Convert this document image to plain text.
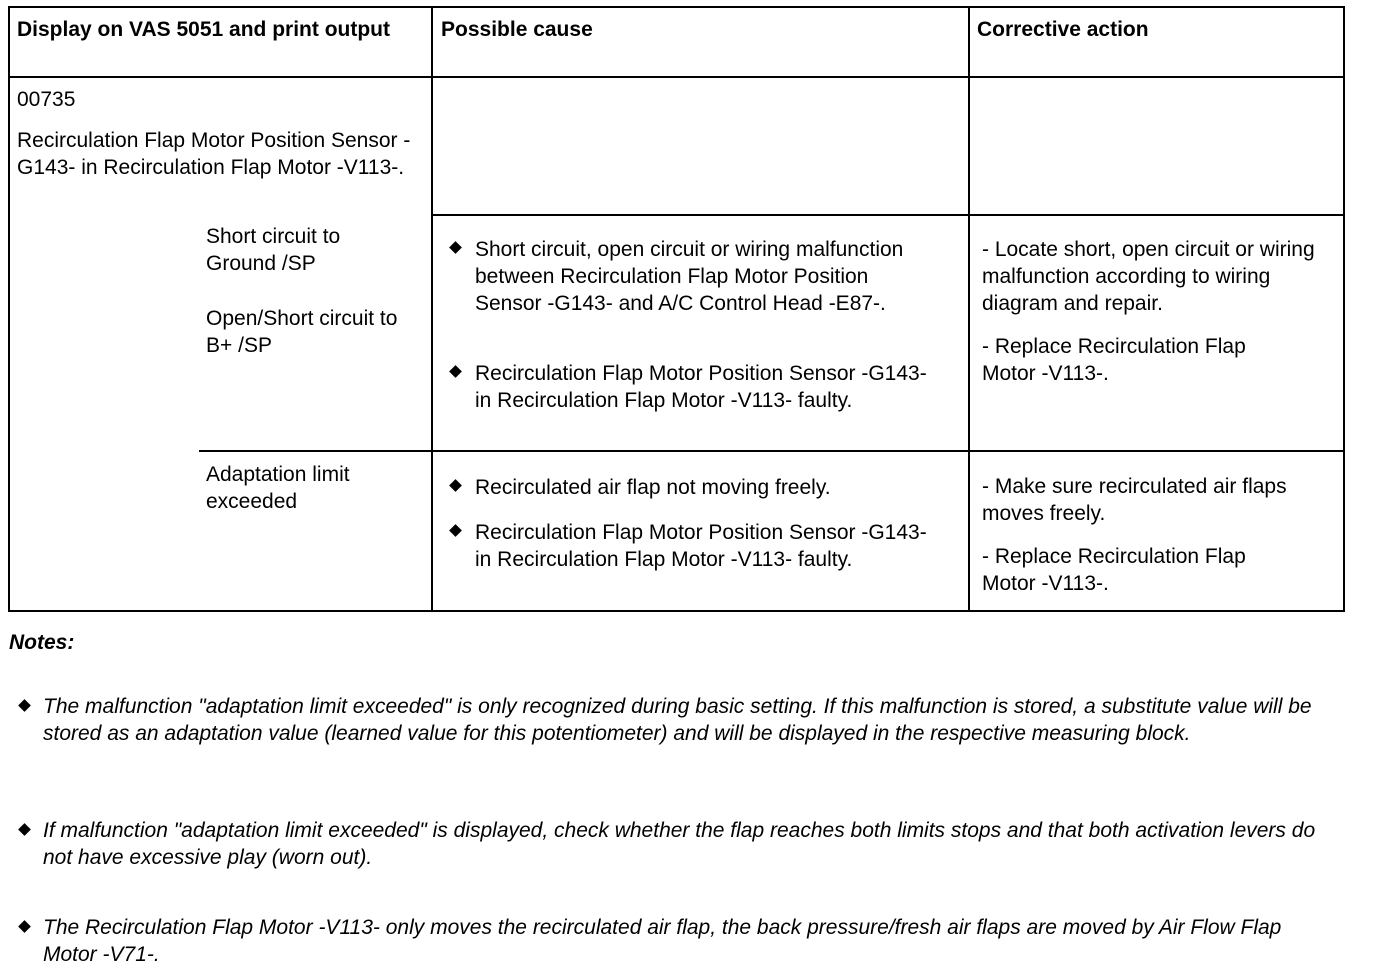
Display on VAS 5051 and print output	Possible cause	Corrective action
00735
Recirculation Flap Motor Position Sensor -G143- in Recirculation Flap Motor -V113-.
Short circuit to Ground /SP
Open/Short circuit to B+ /SP
Short circuit, open circuit or wiring malfunction between Recirculation Flap Motor Position Sensor -G143- and A/C Control Head -E87-.
Recirculation Flap Motor Position Sensor -G143- in Recirculation Flap Motor -V113- faulty.
- Locate short, open circuit or wiring malfunction according to wiring diagram and repair.
- Replace Recirculation Flap Motor -V113-.
Adaptation limit exceeded
Recirculated air flap not moving freely.
Recirculation Flap Motor Position Sensor -G143- in Recirculation Flap Motor -V113- faulty.
- Make sure recirculated air flaps moves freely.
- Replace Recirculation Flap Motor -V113-.
Notes:
The malfunction "adaptation limit exceeded" is only recognized during basic setting. If this malfunction is stored, a substitute value will be stored as an adaptation value (learned value for this potentiometer) and will be displayed in the respective measuring block.
If malfunction "adaptation limit exceeded" is displayed, check whether the flap reaches both limits stops and that both activation levers do not have excessive play (worn out).
The Recirculation Flap Motor -V113- only moves the recirculated air flap, the back pressure/fresh air flaps are moved by Air Flow Flap Motor -V71-.
